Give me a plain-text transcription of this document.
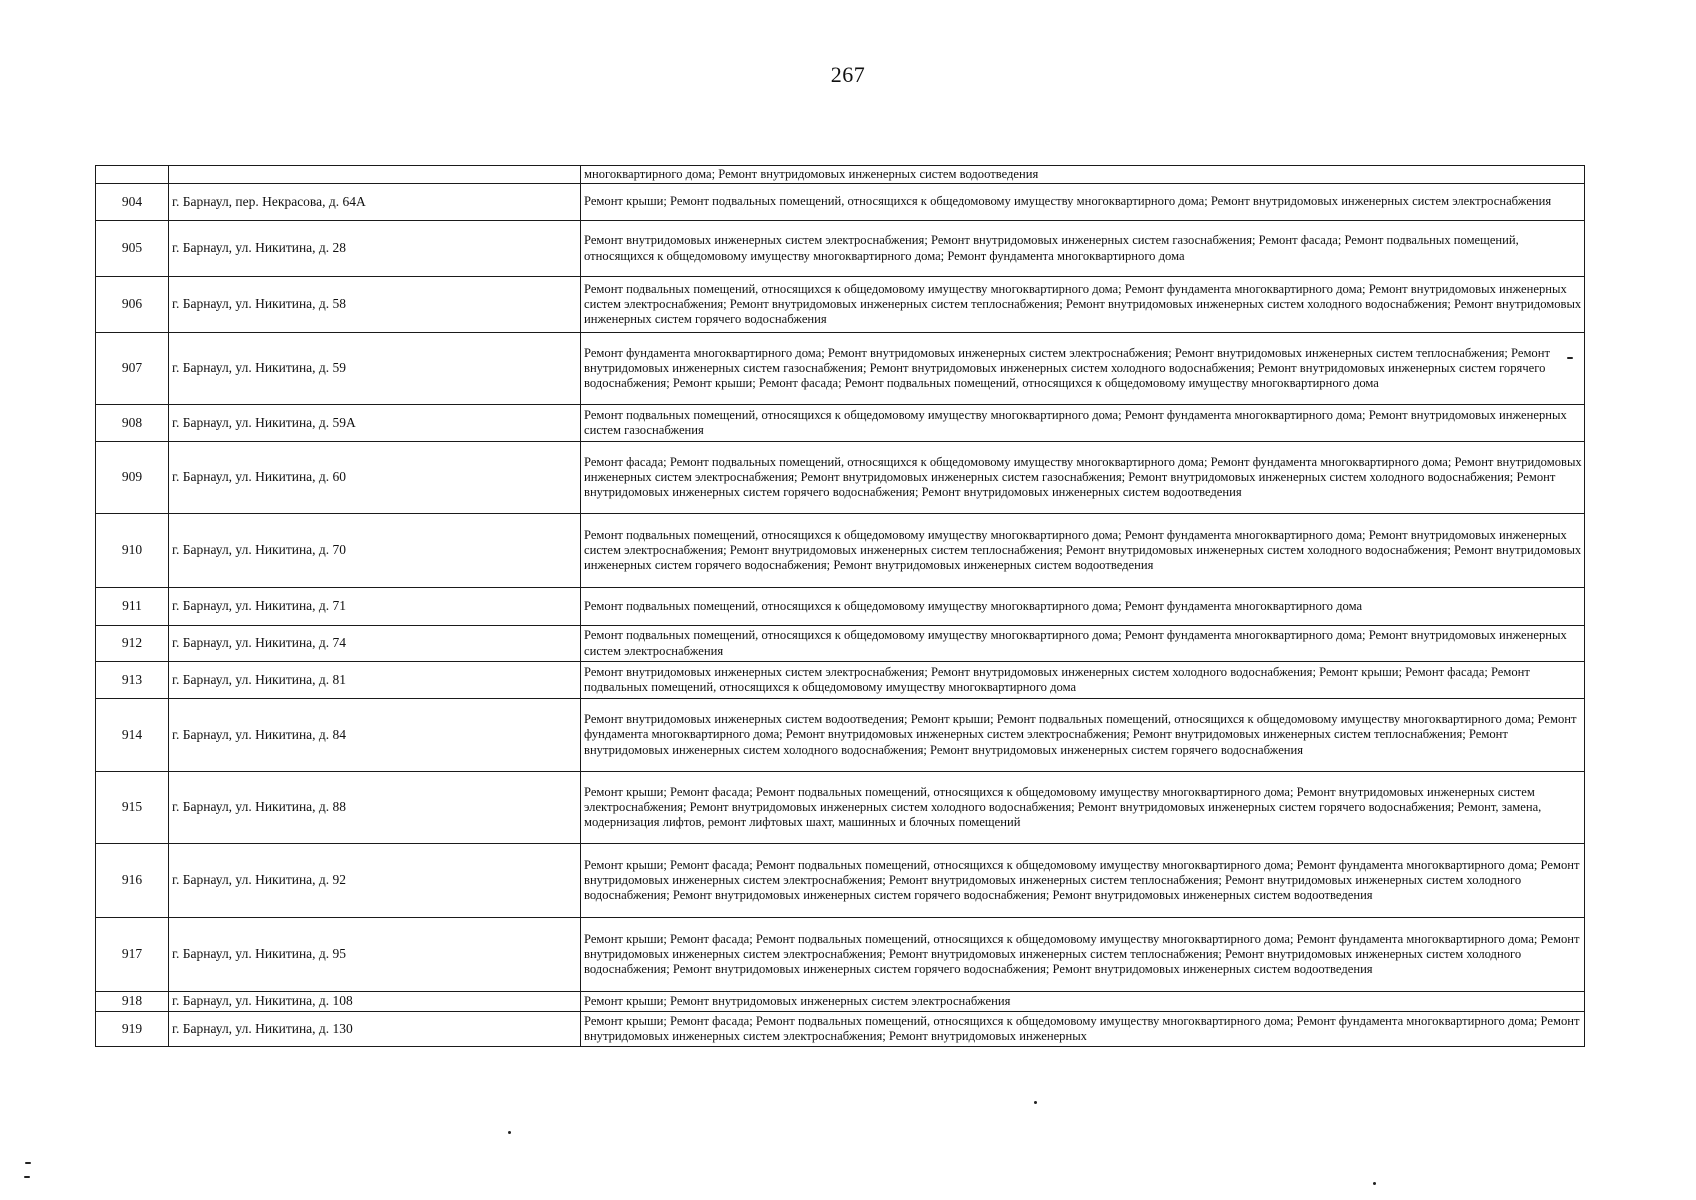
267
		многоквартирного дома; Ремонт внутридомовых инженерных систем водоотведения
904	г. Барнаул, пер. Некрасова, д. 64А	Ремонт крыши; Ремонт подвальных помещений, относящихся к общедомовому имуществу многоквартирного дома; Ремонт внутридомовых инженерных систем электроснабжения
905	г. Барнаул, ул. Никитина, д. 28	Ремонт внутридомовых инженерных систем электроснабжения; Ремонт внутридомовых инженерных систем газоснабжения; Ремонт фасада; Ремонт подвальных помещений, относящихся к общедомовому имуществу многоквартирного дома; Ремонт фундамента многоквартирного дома
906	г. Барнаул, ул. Никитина, д. 58	Ремонт подвальных помещений, относящихся к общедомовому имуществу многоквартирного дома; Ремонт фундамента многоквартирного дома; Ремонт внутридомовых инженерных систем электроснабжения; Ремонт внутридомовых инженерных систем теплоснабжения; Ремонт внутридомовых инженерных систем холодного водоснабжения; Ремонт внутридомовых инженерных систем горячего водоснабжения
907	г. Барнаул, ул. Никитина, д. 59	Ремонт фундамента многоквартирного дома; Ремонт внутридомовых инженерных систем электроснабжения; Ремонт внутридомовых инженерных систем теплоснабжения; Ремонт внутридомовых инженерных систем газоснабжения; Ремонт внутридомовых инженерных систем холодного водоснабжения; Ремонт внутридомовых инженерных систем горячего водоснабжения; Ремонт крыши; Ремонт фасада; Ремонт подвальных помещений, относящихся к общедомовому имуществу многоквартирного дома
908	г. Барнаул, ул. Никитина, д. 59А	Ремонт подвальных помещений, относящихся к общедомовому имуществу многоквартирного дома; Ремонт фундамента многоквартирного дома; Ремонт внутридомовых инженерных систем газоснабжения
909	г. Барнаул, ул. Никитина, д. 60	Ремонт фасада; Ремонт подвальных помещений, относящихся к общедомовому имуществу многоквартирного дома; Ремонт фундамента многоквартирного дома; Ремонт внутридомовых инженерных систем электроснабжения; Ремонт внутридомовых инженерных систем газоснабжения; Ремонт внутридомовых инженерных систем холодного водоснабжения; Ремонт внутридомовых инженерных систем горячего водоснабжения; Ремонт внутридомовых инженерных систем водоотведения
910	г. Барнаул, ул. Никитина, д. 70	Ремонт подвальных помещений, относящихся к общедомовому имуществу многоквартирного дома; Ремонт фундамента многоквартирного дома; Ремонт внутридомовых инженерных систем электроснабжения; Ремонт внутридомовых инженерных систем теплоснабжения; Ремонт внутридомовых инженерных систем холодного водоснабжения; Ремонт внутридомовых инженерных систем горячего водоснабжения; Ремонт внутридомовых инженерных систем водоотведения
911	г. Барнаул, ул. Никитина, д. 71	Ремонт подвальных помещений, относящихся к общедомовому имуществу многоквартирного дома; Ремонт фундамента многоквартирного дома
912	г. Барнаул, ул. Никитина, д. 74	Ремонт подвальных помещений, относящихся к общедомовому имуществу многоквартирного дома; Ремонт фундамента многоквартирного дома; Ремонт внутридомовых инженерных систем электроснабжения
913	г. Барнаул, ул. Никитина, д. 81	Ремонт внутридомовых инженерных систем электроснабжения; Ремонт внутридомовых инженерных систем холодного водоснабжения; Ремонт крыши; Ремонт фасада; Ремонт подвальных помещений, относящихся к общедомовому имуществу многоквартирного дома
914	г. Барнаул, ул. Никитина, д. 84	Ремонт внутридомовых инженерных систем водоотведения; Ремонт крыши; Ремонт подвальных помещений, относящихся к общедомовому имуществу многоквартирного дома; Ремонт фундамента многоквартирного дома; Ремонт внутридомовых инженерных систем электроснабжения; Ремонт внутридомовых инженерных систем теплоснабжения; Ремонт внутридомовых инженерных систем холодного водоснабжения; Ремонт внутридомовых инженерных систем горячего водоснабжения
915	г. Барнаул, ул. Никитина, д. 88	Ремонт крыши; Ремонт фасада; Ремонт подвальных помещений, относящихся к общедомовому имуществу многоквартирного дома; Ремонт внутридомовых инженерных систем электроснабжения; Ремонт внутридомовых инженерных систем холодного водоснабжения; Ремонт внутридомовых инженерных систем горячего водоснабжения; Ремонт, замена, модернизация лифтов, ремонт лифтовых шахт, машинных и блочных помещений
916	г. Барнаул, ул. Никитина, д. 92	Ремонт крыши; Ремонт фасада; Ремонт подвальных помещений, относящихся к общедомовому имуществу многоквартирного дома; Ремонт фундамента многоквартирного дома; Ремонт внутридомовых инженерных систем электроснабжения; Ремонт внутридомовых инженерных систем теплоснабжения; Ремонт внутридомовых инженерных систем холодного водоснабжения; Ремонт внутридомовых инженерных систем горячего водоснабжения; Ремонт внутридомовых инженерных систем водоотведения
917	г. Барнаул, ул. Никитина, д. 95	Ремонт крыши; Ремонт фасада; Ремонт подвальных помещений, относящихся к общедомовому имуществу многоквартирного дома; Ремонт фундамента многоквартирного дома; Ремонт внутридомовых инженерных систем электроснабжения; Ремонт внутридомовых инженерных систем теплоснабжения; Ремонт внутридомовых инженерных систем холодного водоснабжения; Ремонт внутридомовых инженерных систем горячего водоснабжения; Ремонт внутридомовых инженерных систем водоотведения
918	г. Барнаул, ул. Никитина, д. 108	Ремонт крыши; Ремонт внутридомовых инженерных систем электроснабжения
919	г. Барнаул, ул. Никитина, д. 130	Ремонт крыши; Ремонт фасада; Ремонт подвальных помещений, относящихся к общедомовому имуществу многоквартирного дома; Ремонт фундамента многоквартирного дома; Ремонт внутридомовых инженерных систем электроснабжения; Ремонт внутридомовых инженерных
